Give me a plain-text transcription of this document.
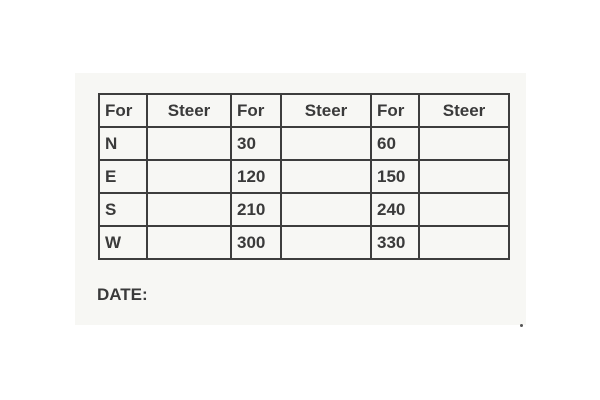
For	Steer	For	Steer	For	Steer
N		30		60	
E		120		150	
S		210		240	
W		300		330	
DATE:
